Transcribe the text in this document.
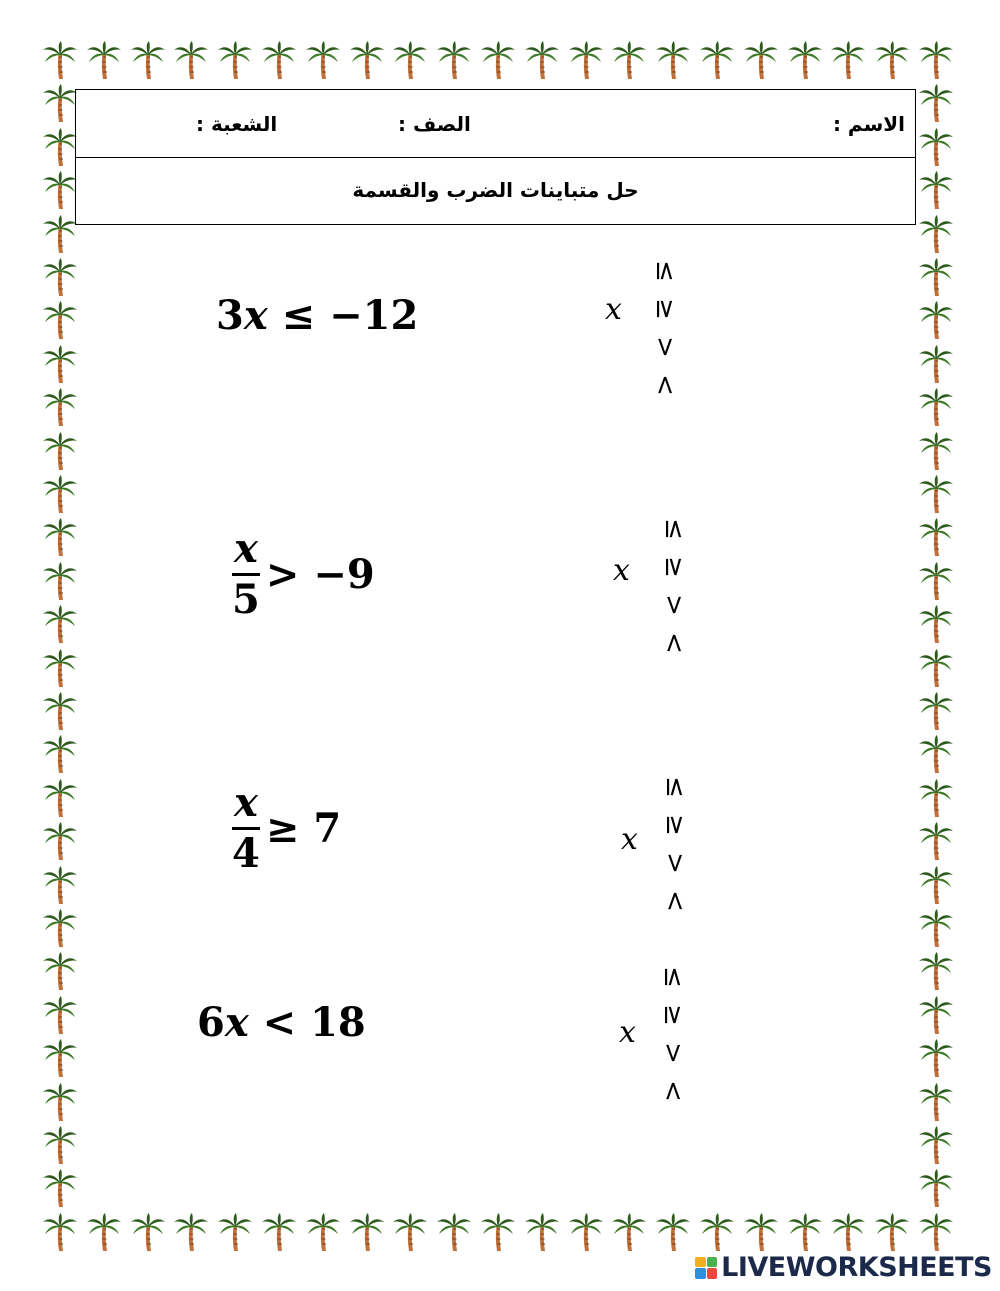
الاسم :
الصف :
الشعبة :
حل متباينات الضرب والقسمة
3x ≤ −12	x
≤
≥
>
<
$\frac{x}{5} > -9$	x
≤
≥
>
<
$\frac{x}{4} \ge 7$	x
≤
≥
>
<
6x < 18	x
≤
≥
>
<
LIVEWORKSHEETS
